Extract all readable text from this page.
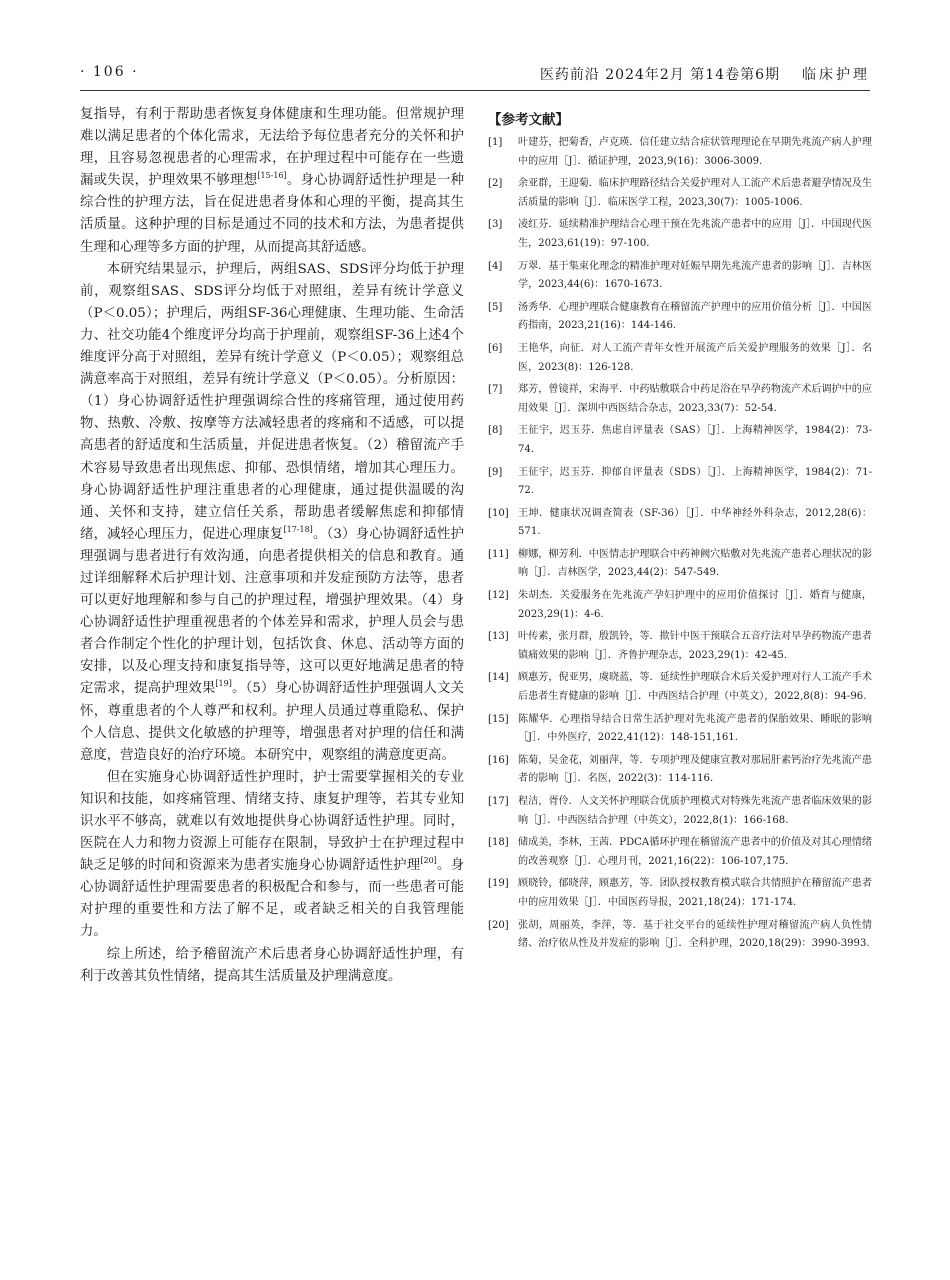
· 106 ·	医药前沿 2024年2月 第14卷第6期 临床护理

复指导，有利于帮助患者恢复身体健康和生理功能。但常规护理难以满足患者的个体化需求，无法给予每位患者充分的关怀和护理，且容易忽视患者的心理需求，在护理过程中可能存在一些遗漏或失误，护理效果不够理想[15-16]。身心协调舒适性护理是一种综合性的护理方法，旨在促进患者身体和心理的平衡，提高其生活质量。这种护理的目标是通过不同的技术和方法，为患者提供生理和心理等多方面的护理，从而提高其舒适感。

本研究结果显示，护理后，两组SAS、SDS评分均低于护理前，观察组SAS、SDS评分均低于对照组，差异有统计学意义（P＜0.05）；护理后，两组SF-36心理健康、生理功能、生命活力、社交功能4个维度评分均高于护理前，观察组SF-36上述4个维度评分高于对照组，差异有统计学意义（P＜0.05）；观察组总满意率高于对照组，差异有统计学意义（P＜0.05）。分析原因：（1）身心协调舒适性护理强调综合性的疼痛管理，通过使用药物、热敷、冷敷、按摩等方法减轻患者的疼痛和不适感，可以提高患者的舒适度和生活质量，并促进患者恢复。（2）稽留流产手术容易导致患者出现焦虑、抑郁、恐惧情绪，增加其心理压力。身心协调舒适性护理注重患者的心理健康，通过提供温暖的沟通、关怀和支持，建立信任关系，帮助患者缓解焦虑和抑郁情绪，减轻心理压力，促进心理康复[17-18]。（3）身心协调舒适性护理强调与患者进行有效沟通，向患者提供相关的信息和教育。通过详细解释术后护理计划、注意事项和并发症预防方法等，患者可以更好地理解和参与自己的护理过程，增强护理效果。（4）身心协调舒适性护理重视患者的个体差异和需求，护理人员会与患者合作制定个性化的护理计划，包括饮食、休息、活动等方面的安排，以及心理支持和康复指导等，这可以更好地满足患者的特定需求，提高护理效果[19]。（5）身心协调舒适性护理强调人文关怀，尊重患者的个人尊严和权利。护理人员通过尊重隐私、保护个人信息、提供文化敏感的护理等，增强患者对护理的信任和满意度，营造良好的治疗环境。本研究中，观察组的满意度更高。

但在实施身心协调舒适性护理时，护士需要掌握相关的专业知识和技能，如疼痛管理、情绪支持、康复护理等，若其专业知识水平不够高，就难以有效地提供身心协调舒适性护理。同时，医院在人力和物力资源上可能存在限制，导致护士在护理过程中缺乏足够的时间和资源来为患者实施身心协调舒适性护理[20]。身心协调舒适性护理需要患者的积极配合和参与，而一些患者可能对护理的重要性和方法了解不足，或者缺乏相关的自我管理能力。

综上所述，给予稽留流产术后患者身心协调舒适性护理，有利于改善其负性情绪，提高其生活质量及护理满意度。

【参考文献】
[1]	叶建芬，把菊香，卢克瑛．信任建立结合症状管理理论在早期先兆流产病人护理中的应用［J］．循证护理，2023,9(16)：3006-3009.
[2]	余亚群，王迎菊．临床护理路径结合关爱护理对人工流产术后患者避孕情况及生活质量的影响［J］．临床医学工程，2023,30(7)：1005-1006.
[3]	凌红芬．延续精准护理结合心理干预在先兆流产患者中的应用［J］．中国现代医生，2023,61(19)：97-100.
[4]	万翠．基于集束化理念的精准护理对妊娠早期先兆流产患者的影响［J］．吉林医学，2023,44(6)：1670-1673.
[5]	汤秀华．心理护理联合健康教育在稽留流产护理中的应用价值分析［J］．中国医药指南，2023,21(16)：144-146.
[6]	王艳华，向征．对人工流产青年女性开展流产后关爱护理服务的效果［J］．名医，2023(8)：126-128.
[7]	郑芳，曾镜祥，宋海平．中药贴敷联合中药足浴在早孕药物流产术后调护中的应用效果［J］．深圳中西医结合杂志，2023,33(7)：52-54.
[8]	王征宇，迟玉芬．焦虑自评量表（SAS）［J］．上海精神医学，1984(2)：73-74.
[9]	王征宇，迟玉芬．抑郁自评量表（SDS）［J］．上海精神医学，1984(2)：71-72.
[10] 王坤．健康状况调查简表（SF-36）［J］．中华神经外科杂志，2012,28(6)：571.
[11] 柳娜，柳芳利．中医情志护理联合中药神阙穴贴敷对先兆流产患者心理状况的影响［J］．吉林医学，2023,44(2)：547-549.
[12] 朱胡杰．关爱服务在先兆流产孕妇护理中的应用价值探讨［J］．婚育与健康，2023,29(1)：4-6.
[13] 叶传素，张月群，殷凯铃，等．揿针中医干预联合五音疗法对早孕药物流产患者镇痛效果的影响［J］．齐鲁护理杂志，2023,29(1)：42-45.
[14] 顾惠芳，倪亚男，虞晓蓝，等．延续性护理联合术后关爱护理对行人工流产手术后患者生育健康的影响［J］．中西医结合护理（中英文），2022,8(8)：94-96.
[15] 陈耀华．心理指导结合日常生活护理对先兆流产患者的保胎效果、睡眠的影响［J］．中外医疗，2022,41(12)：148-151,161.
[16] 陈菊，吴金花，刘丽萍，等．专项护理及健康宣教对那屈肝素钙治疗先兆流产患者的影响［J］．名医，2022(3)：114-116.
[17] 程洁，胥伶．人文关怀护理联合优质护理模式对特殊先兆流产患者临床效果的影响［J］．中西医结合护理（中英文），2022,8(1)：166-168.
[18] 储成美，李林，王茜．PDCA循环护理在稽留流产患者中的价值及对其心理情绪的改善观察［J］．心理月刊，2021,16(22)：106-107,175.
[19] 顾晓铃，郁晓萍，顾惠芳，等．团队授权教育模式联合共情照护在稽留流产患者中的应用效果［J］．中国医药导报，2021,18(24)：171-174.
[20] 张胡，周丽英，李萍，等．基于社交平台的延续性护理对稽留流产病人负性情绪、治疗依从性及并发症的影响［J］．全科护理，2020,18(29)：3990-3993.
